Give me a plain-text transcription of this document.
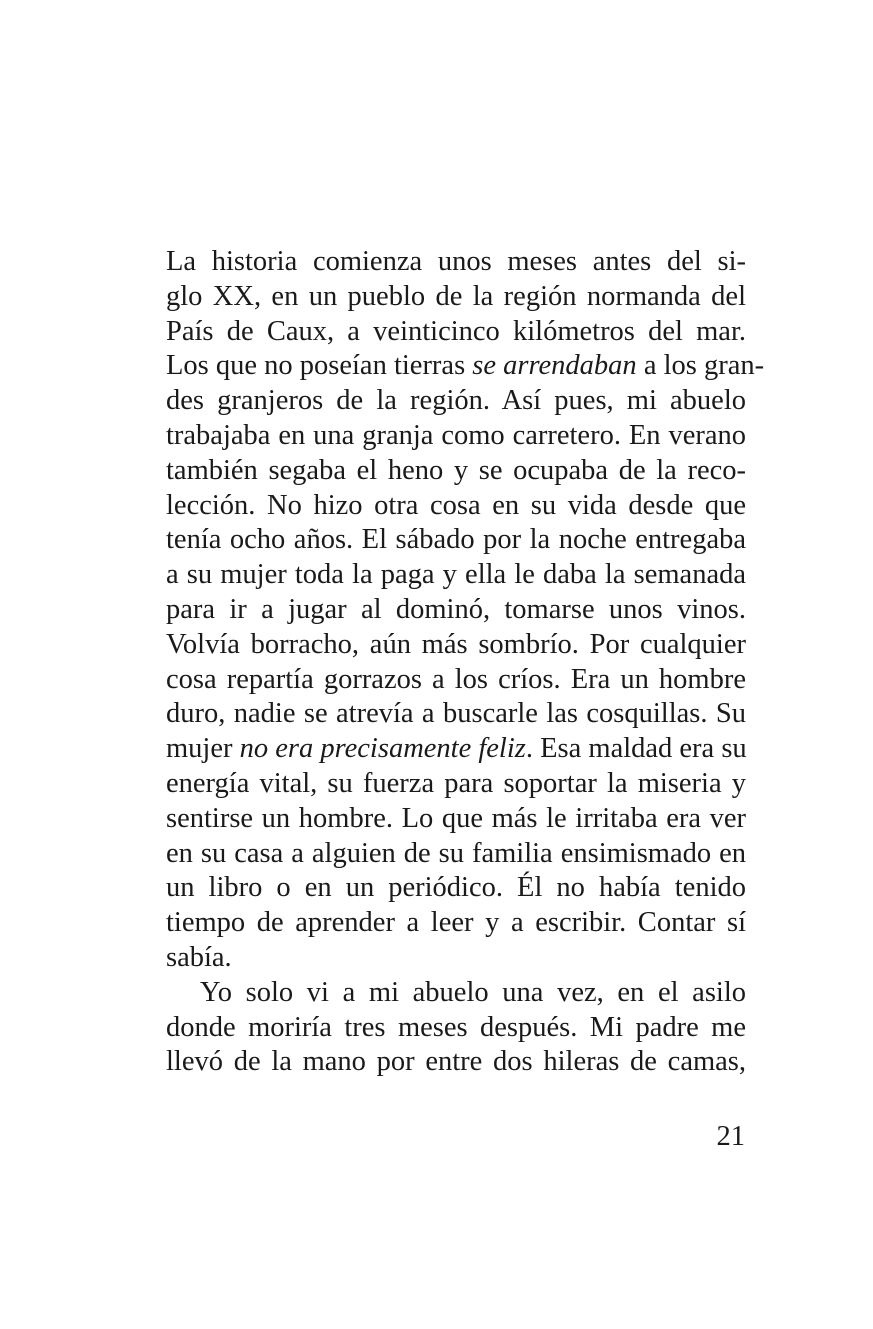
La historia comienza unos meses antes del si-
glo XX, en un pueblo de la región normanda del
País de Caux, a veinticinco kilómetros del mar.
Los que no poseían tierras se arrendaban a los gran-
des granjeros de la región. Así pues, mi abuelo
trabajaba en una granja como carretero. En verano
también segaba el heno y se ocupaba de la reco-
lección. No hizo otra cosa en su vida desde que
tenía ocho años. El sábado por la noche entregaba
a su mujer toda la paga y ella le daba la semanada
para ir a jugar al dominó, tomarse unos vinos.
Volvía borracho, aún más sombrío. Por cualquier
cosa repartía gorrazos a los críos. Era un hombre
duro, nadie se atrevía a buscarle las cosquillas. Su
mujer no era precisamente feliz. Esa maldad era su
energía vital, su fuerza para soportar la miseria y
sentirse un hombre. Lo que más le irritaba era ver
en su casa a alguien de su familia ensimismado en
un libro o en un periódico. Él no había tenido
tiempo de aprender a leer y a escribir. Contar sí
sabía.
Yo solo vi a mi abuelo una vez, en el asilo
donde moriría tres meses después. Mi padre me
llevó de la mano por entre dos hileras de camas,
21
